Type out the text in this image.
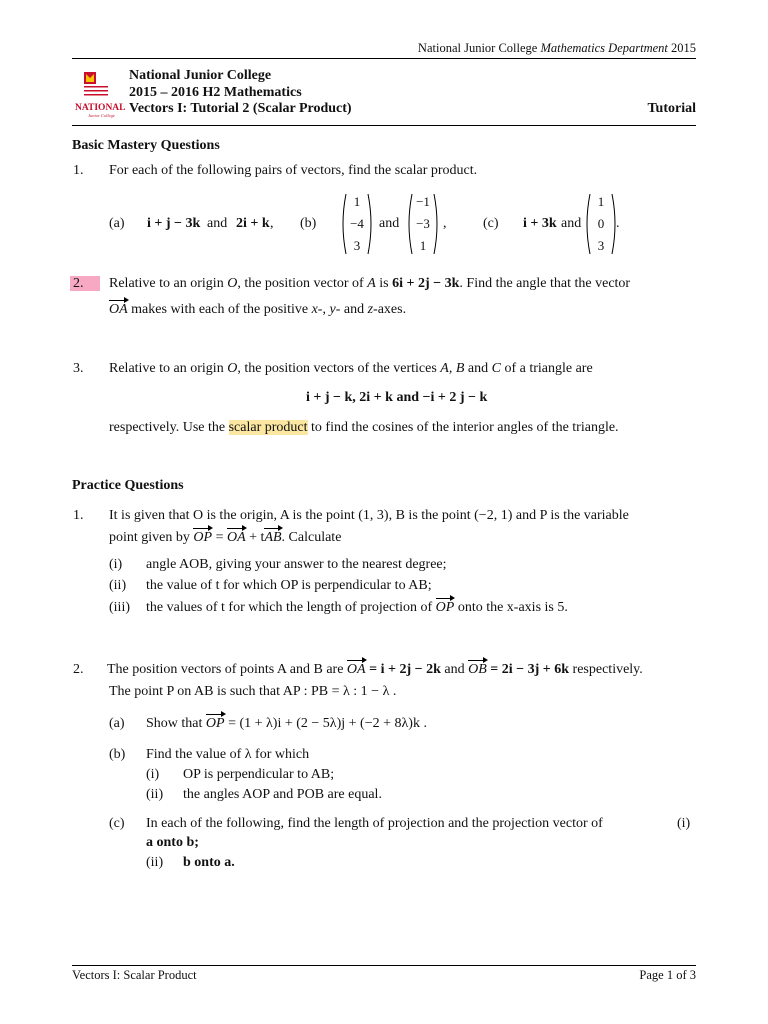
National Junior College Mathematics Department 2015
NATIONAL
Junior College
National Junior College
2015 – 2016 H2 Mathematics
Vectors I: Tutorial 2 (Scalar Product)	Tutorial
Basic Mastery Questions
1. For each of the following pairs of vectors, find the scalar product.
(a) i + j − 3k and 2i + k , (b)
1
−4
3
and
−1
−3
1
,	(c) i + 3k and
1
0
3
.
2.	Relative to an origin O, the position vector of A is 6i + 2j − 3k. Find the angle that the vector
OA makes with each of the positive x-, y- and z-axes.
3. Relative to an origin O, the position vectors of the vertices A, B and C of a triangle are
i + j − k, 2i + k and −i + 2 j − k
respectively. Use the scalar product to find the cosines of the interior angles of the triangle.
Practice Questions
1. It is given that O is the origin, A is the point (1, 3), B is the point (−2, 1) and P is the variable
point given by OP = OA + tAB. Calculate
(i) angle AOB, giving your answer to the nearest degree;
(ii) the value of t for which OP is perpendicular to AB;
(iii) the values of t for which the length of projection of OP onto the x-axis is 5.
2. The position vectors of points A and B are OA = i + 2j − 2k and OB = 2i − 3j + 6k respectively.
The point P on AB is such that AP : PB = λ : 1 − λ .
(a) Show that OP = (1 + λ)i + (2 − 5λ)j + (−2 + 8λ)k .
(b) Find the value of λ for which
(i) OP is perpendicular to AB;
(ii) the angles AOP and POB are equal.
(c) In each of the following, find the length of projection and the projection vector of	(i)
a onto b;
(ii) b onto a.
Vectors I: Scalar Product	Page 1 of 3
